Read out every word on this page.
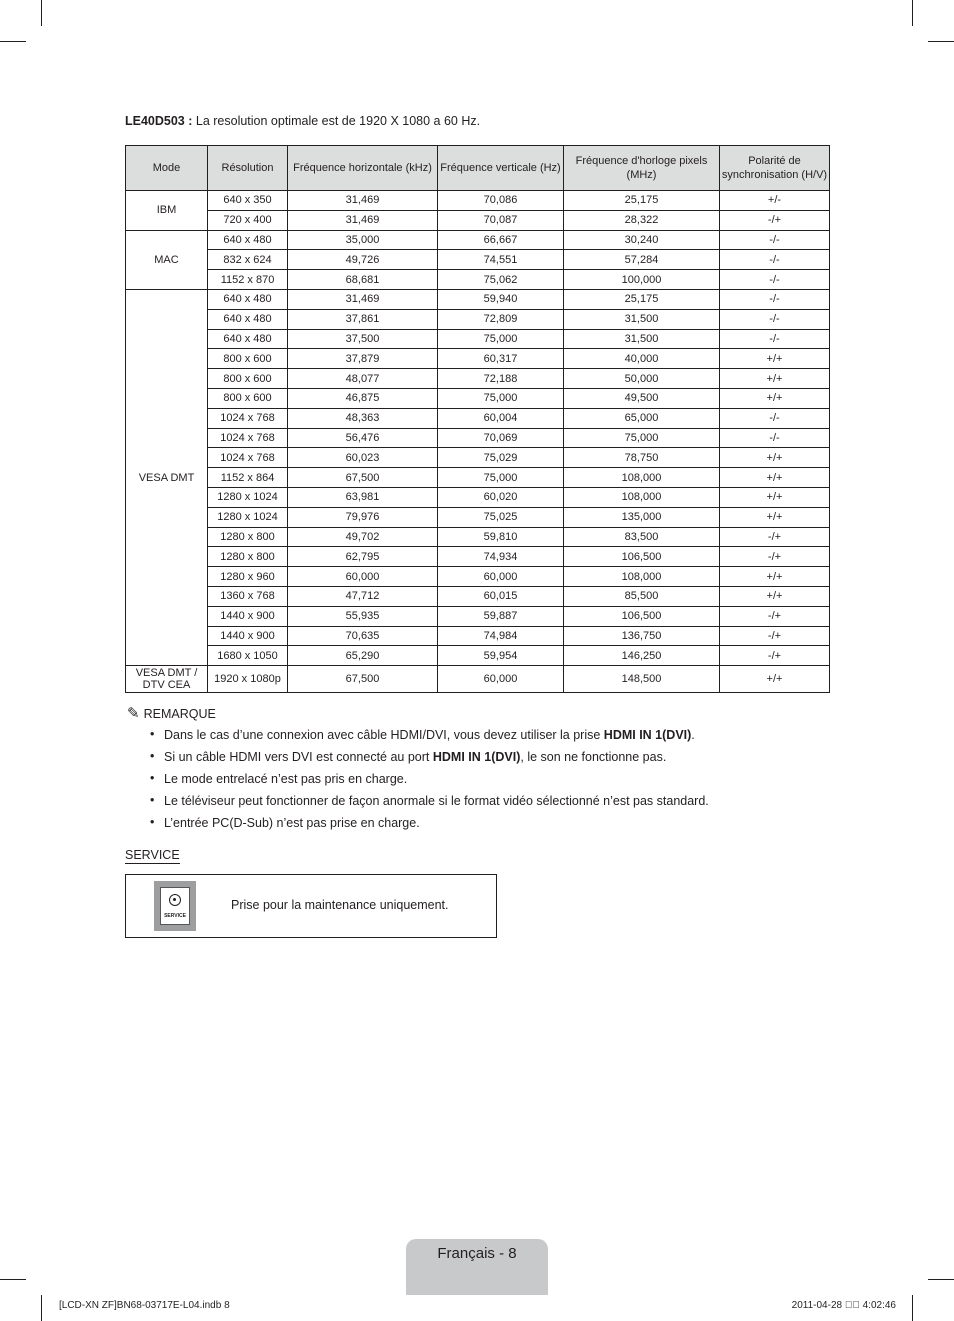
LE40D503 : La resolution optimale est de 1920 X 1080 a 60 Hz.
Mode	Résolution	Fréquence horizontale (kHz)	Fréquence verticale (Hz)	Fréquence d'horloge pixels (MHz)	Polarité de synchronisation (H/V)
IBM	640 x 350	31,469	70,086	25,175	+/-
	720 x 400	31,469	70,087	28,322	-/+
MAC	640 x 480	35,000	66,667	30,240	-/-
	832 x 624	49,726	74,551	57,284	-/-
	1152 x 870	68,681	75,062	100,000	-/-
VESA DMT	640 x 480	31,469	59,940	25,175	-/-
	640 x 480	37,861	72,809	31,500	-/-
	640 x 480	37,500	75,000	31,500	-/-
	800 x 600	37,879	60,317	40,000	+/+
	800 x 600	48,077	72,188	50,000	+/+
	800 x 600	46,875	75,000	49,500	+/+
	1024 x 768	48,363	60,004	65,000	-/-
	1024 x 768	56,476	70,069	75,000	-/-
	1024 x 768	60,023	75,029	78,750	+/+
	1152 x 864	67,500	75,000	108,000	+/+
	1280 x 1024	63,981	60,020	108,000	+/+
	1280 x 1024	79,976	75,025	135,000	+/+
	1280 x 800	49,702	59,810	83,500	-/+
	1280 x 800	62,795	74,934	106,500	-/+
	1280 x 960	60,000	60,000	108,000	+/+
	1360 x 768	47,712	60,015	85,500	+/+
	1440 x 900	55,935	59,887	106,500	-/+
	1440 x 900	70,635	74,984	136,750	-/+
	1680 x 1050	65,290	59,954	146,250	-/+
VESA DMT / DTV CEA	1920 x 1080p	67,500	60,000	148,500	+/+
✎ REMARQUE
• Dans le cas d’une connexion avec câble HDMI/DVI, vous devez utiliser la prise HDMI IN 1(DVI).
• Si un câble HDMI vers DVI est connecté au port HDMI IN 1(DVI), le son ne fonctionne pas.
• Le mode entrelacé n’est pas pris en charge.
• Le téléviseur peut fonctionner de façon anormale si le format vidéo sélectionné n’est pas standard.
• L’entrée PC(D-Sub) n’est pas prise en charge.
SERVICE
SERVICE
Prise pour la maintenance uniquement.
Français - 8
[LCD-XN ZF]BN68-03717E-L04.indb 8	2011-04-28    4:02:46
